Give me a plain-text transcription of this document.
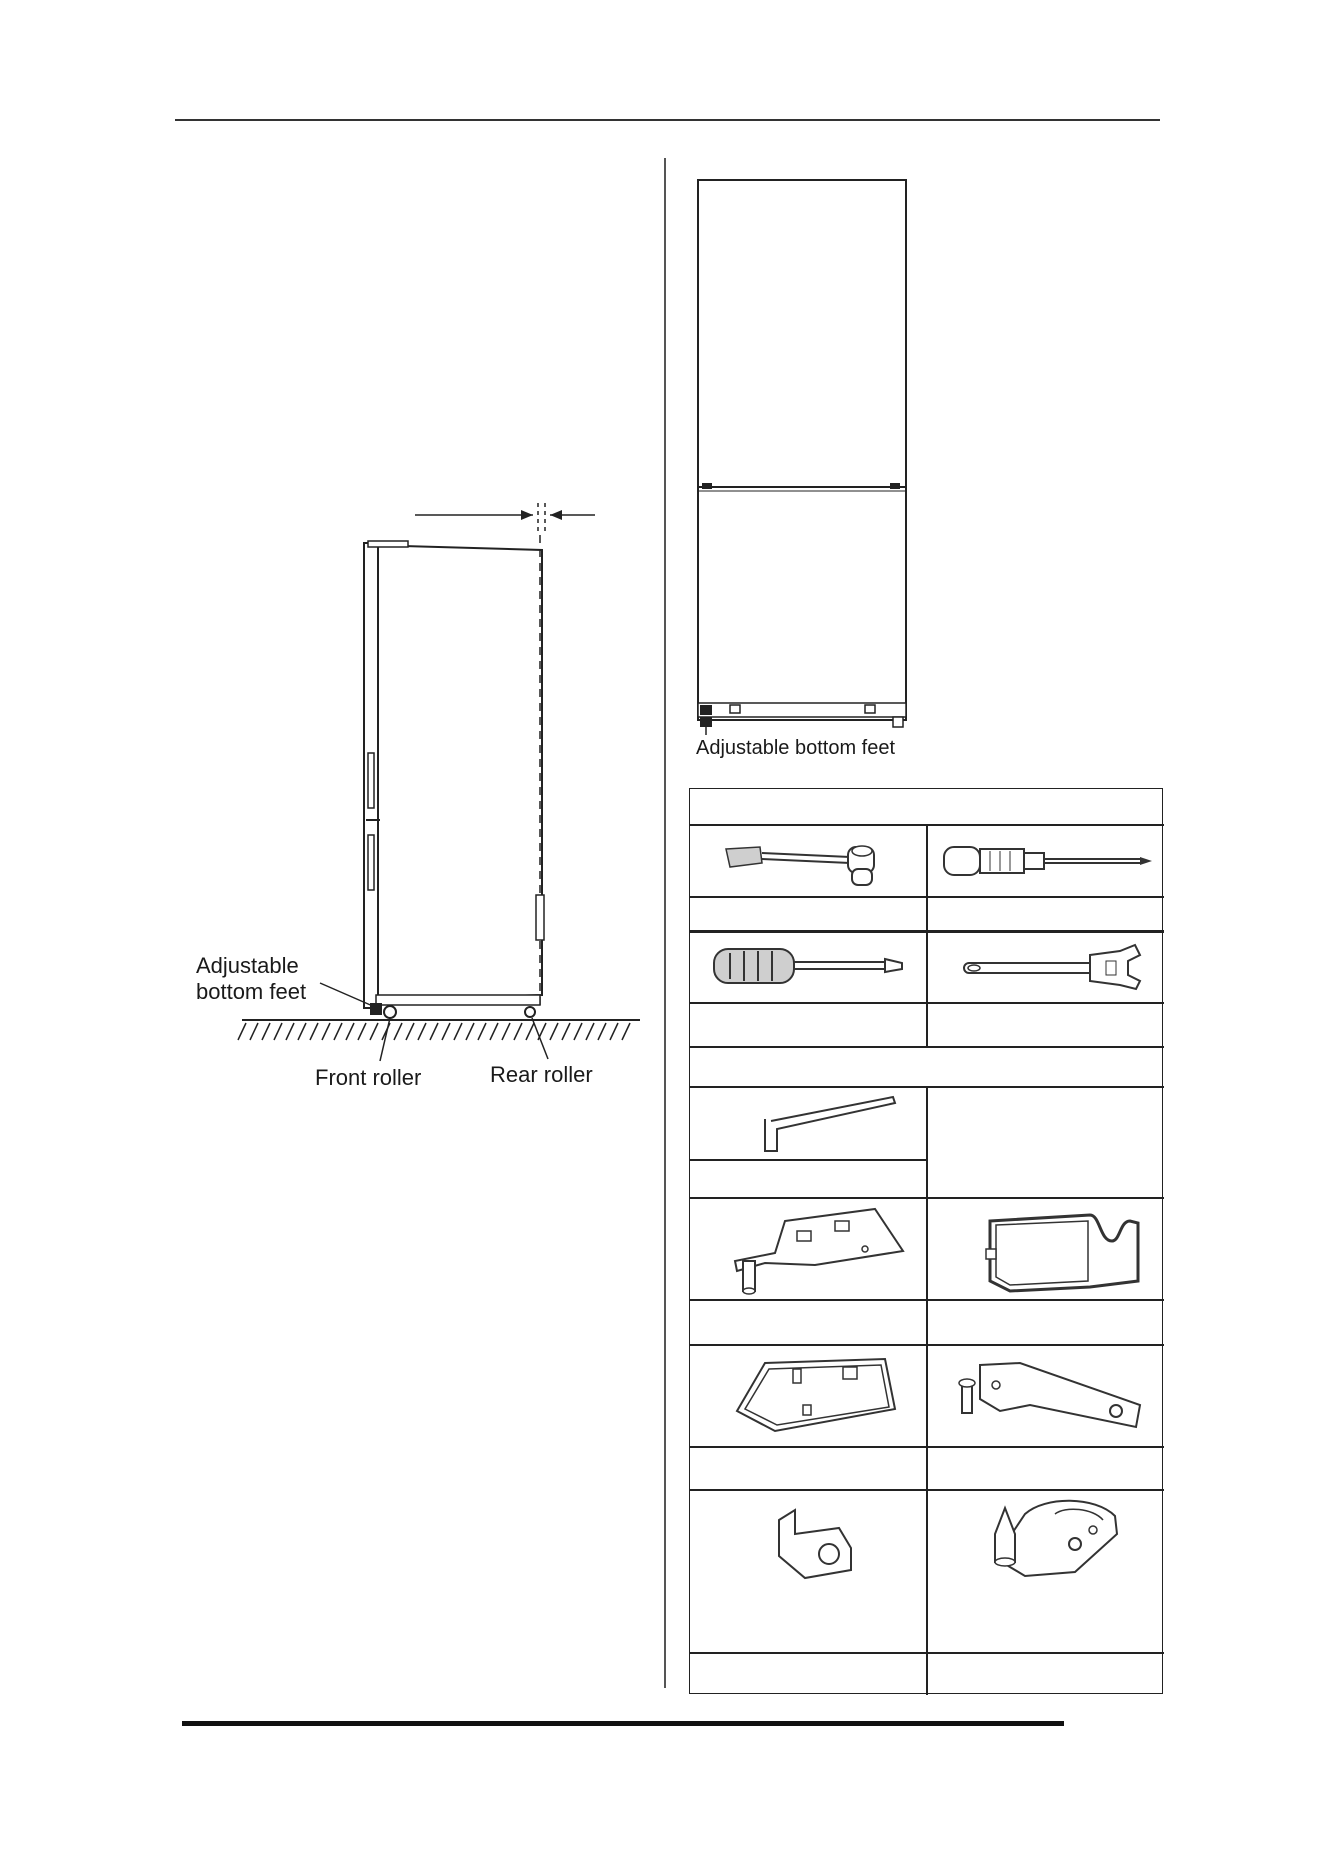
Adjustable
bottom feet
Front roller	Rear roller
Adjustable bottom feet
